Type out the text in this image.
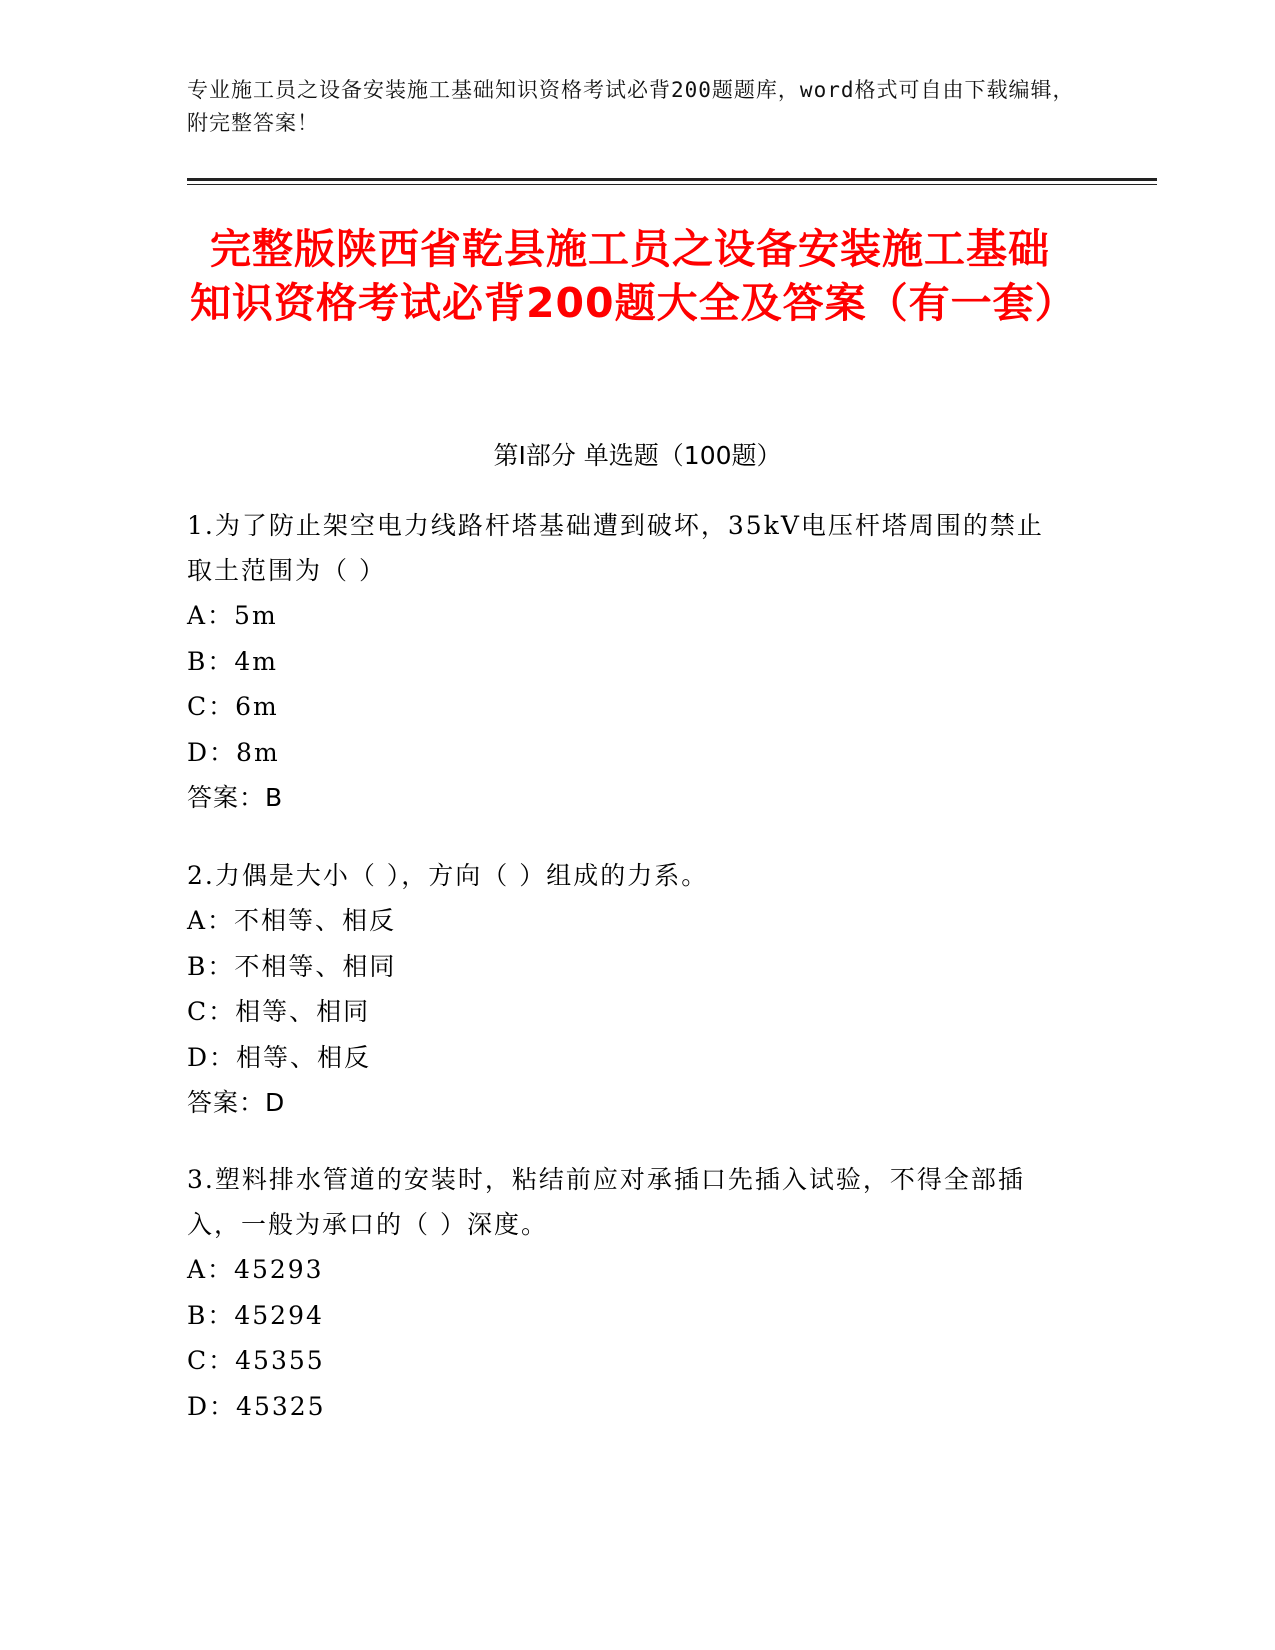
专业施工员之设备安装施工基础知识资格考试必背200题题库，word格式可自由下载编辑，附完整答案！
完整版陕西省乾县施工员之设备安装施工基础知识资格考试必背200题大全及答案（有一套）
第I部分 单选题（100题）
1.为了防止架空电力线路杆塔基础遭到破坏，35kV电压杆塔周围的禁止取土范围为（ ）
A：5m
B：4m
C：6m
D：8m
答案：B
2.力偶是大小（ ），方向（ ）组成的力系。
A：不相等、相反
B：不相等、相同
C：相等、相同
D：相等、相反
答案：D
3.塑料排水管道的安装时，粘结前应对承插口先插入试验，不得全部插入，一般为承口的（ ）深度。
A：45293
B：45294
C：45355
D：45325
